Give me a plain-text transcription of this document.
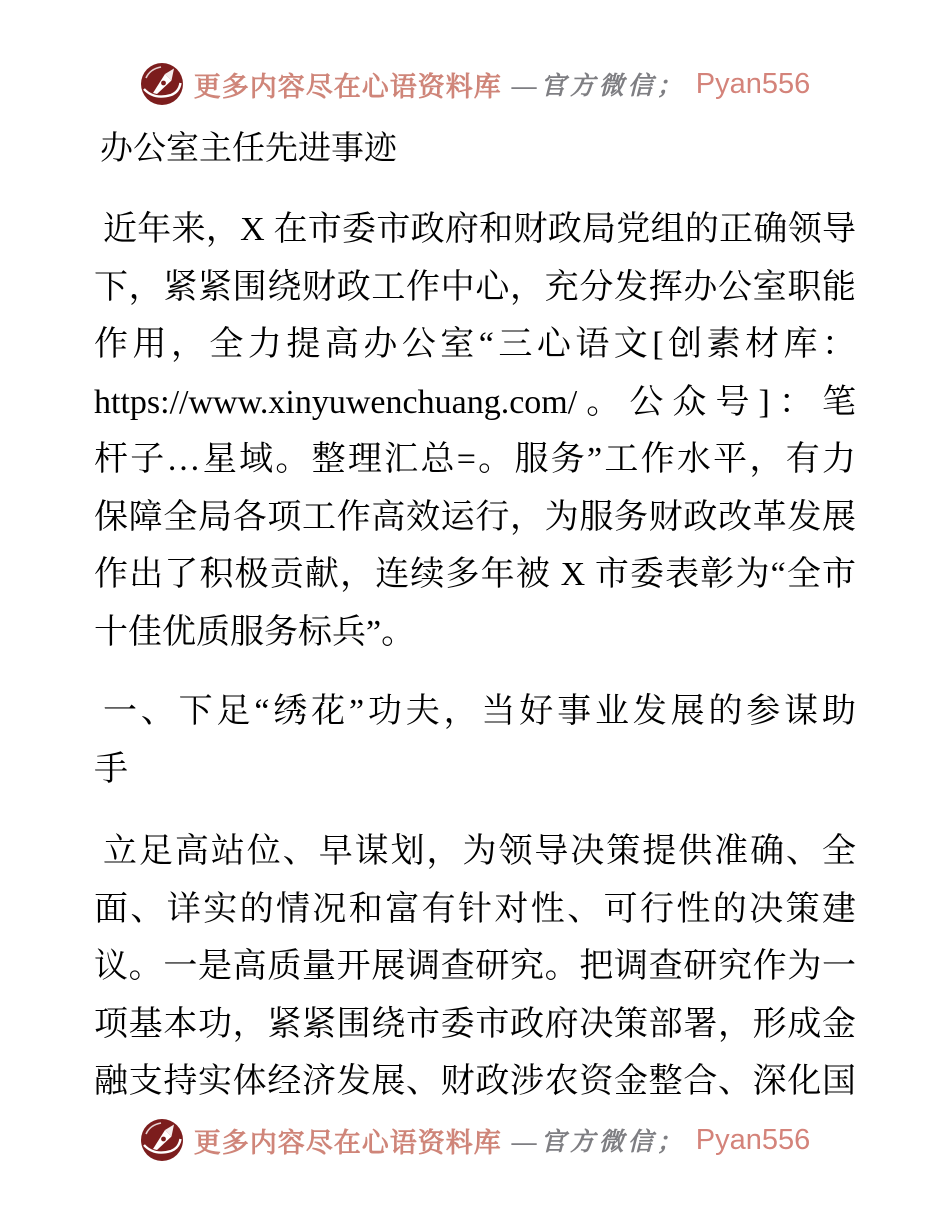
更多内容尽在心语资料库 —官方微信； Pyan556
办公室主任先进事迹

近年来，X 在市委市政府和财政局党组的正确领导
下，紧紧围绕财政工作中心，充分发挥办公室职能
作用，全力提高办公室“三心语文[创素材库：
https://www.xinyuwenchuang.com/。公众号]：笔
杆子…星域。整理汇总=。服务”工作水平，有力
保障全局各项工作高效运行，为服务财政改革发展
作出了积极贡献，连续多年被 X 市委表彰为“全市
十佳优质服务标兵”。

一、下足“绣花”功夫，当好事业发展的参谋助
手

立足高站位、早谋划，为领导决策提供准确、全
面、详实的情况和富有针对性、可行性的决策建
议。一是高质量开展调查研究。把调查研究作为一
项基本功，紧紧围绕市委市政府决策部署，形成金
融支持实体经济发展、财政涉农资金整合、深化国

更多内容尽在心语资料库 —官方微信； Pyan556
